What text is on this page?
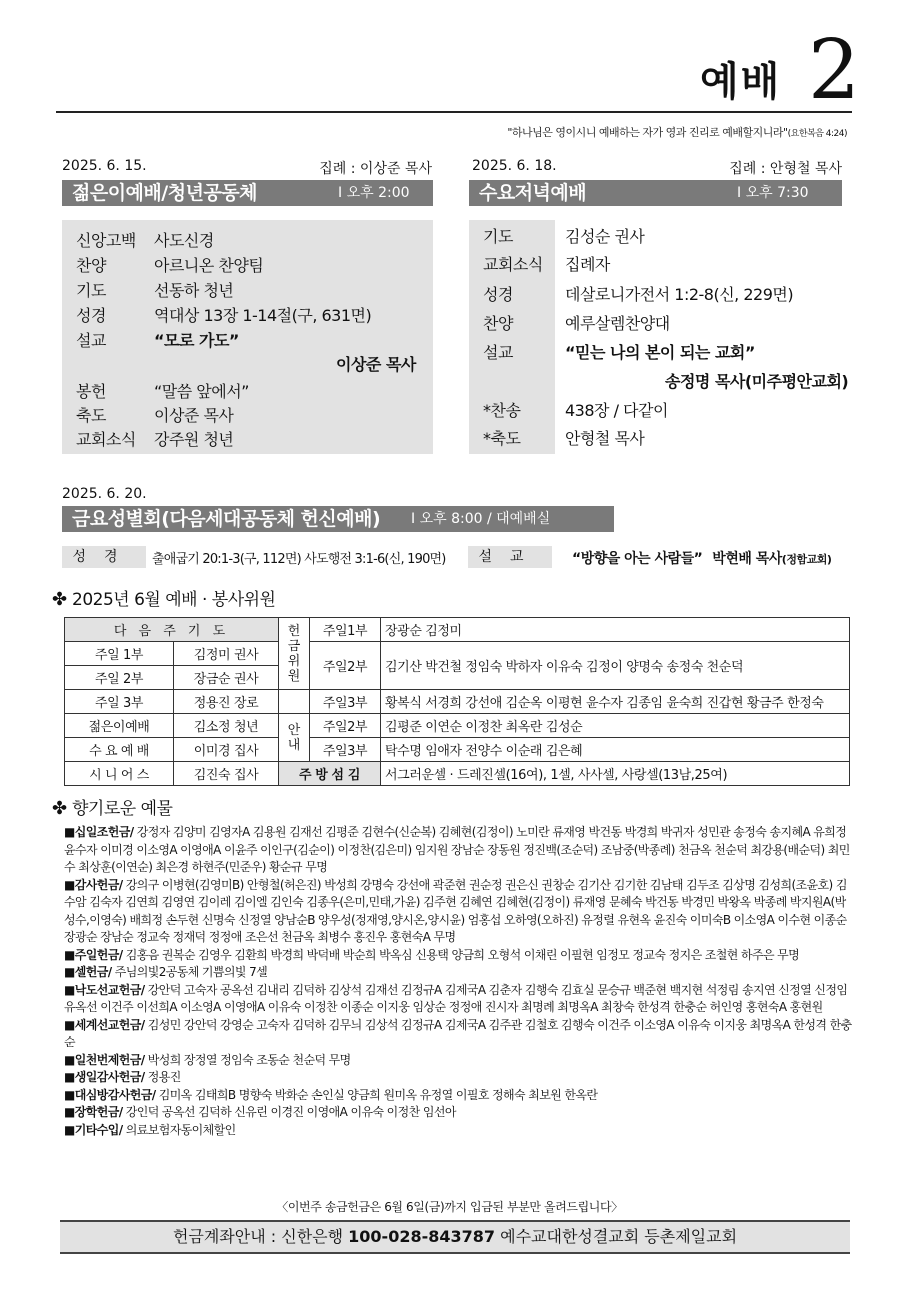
예배 2
"하나님은 영이시니 예배하는 자가 영과 진리로 예배할지니라"(요한복음 4:24)
2025. 6. 15.	집례 : 이상준 목사
젊은이예배/청년공동체	I 오후 2:00
신앙고백 사도신경
찬양	아르니온 찬양팀
기도	선동하 청년
성경	역대상 13장 1-14절(구, 631면)
설교	“모로 가도”
이상준 목사
봉헌	“말씀 앞에서”
축도	이상준 목사
교회소식 강주원 청년
2025. 6. 18.	집례 : 안형철 목사
수요저녁예배	I 오후 7:30
기도	김성순 권사
교회소식 집례자
성경	데살로니가전서 1:2-8(신, 229면)
찬양	예루살렘찬양대
설교	“믿는 나의 본이 되는 교회”
송정명 목사(미주평안교회)
*찬송	438장 / 다같이
*축도	안형철 목사
2025. 6. 20.
금요성별회(다음세대공동체 헌신예배) I 오후 8:00 / 대예배실
성경	출애굽기 20:1-3(구, 112면) 사도행전 3:1-6(신, 190면)	설교	“방향을 아는 사람들” 박현배 목사(정함교회)
✤ 2025년 6월 예배 · 봉사위원
다 음 주 기 도		헌금위원	주일1부	장광순 김정미
주일 1부	김정미 권사		주일2부	김기산 박건철 정임숙 박하자 이유숙 김정이 양명숙 송정숙 천순덕
주일 2부	장금순 권사			
주일 3부	정용진 장로		주일3부	황복식 서경희 강선애 김순옥 이평현 윤수자 김종임 윤숙희 진갑현 황금주 한정숙
젊은이예배	김소정 청년	안내	주일2부	김평준 이연순 이정찬 최옥란 김성순
수 요 예 배	이미경 집사		주일3부	탁수명 임애자 전양수 이순래 김은혜
시 니 어 스	김진숙 집사	주 방 섬 김		서그러운셀 · 드레진셀(16여), 1셀, 사사셀, 사랑셀(13남,25여)
✤ 향기로운 예물

■십일조헌금/ 강정자 김양미 김영자A 김용원 김재선 김평준 김현수(신순복) 김혜현(김정이) 노미란 류재영 박건동 박경희 박귀자 성민관 송정숙 송지혜A 유희정 윤수자 이미경 이소영A 이영애A 이윤주 이인구(김순이) 이정찬(김은미) 임지원 장남순 장동원 정진백(조순덕) 조남중(박종례) 천금옥 천순덕 최강용(배순덕) 최민수 최상훈(이연순) 최은경 하현주(민준우) 황순규 무명

■감사헌금/ 강의구 이병현(김영미B) 안형철(허은진) 박성희 강명숙 강선애 곽준현 권순정 권은신 권창순 김기산 김기한 김남태 김두조 김상명 김성희(조윤호) 김수암 김숙자 김연희 김영연 김이레 김이엘 김인숙 김종우(은미,민태,가윤) 김주현 김혜연 김혜현(김정이) 류재영 문혜숙 박건동 박경민 박왕옥 박종례 박지원A(박성수,이영숙) 배희정 손두현 신명숙 신정열 양남순B 양우성(정재영,양시온,양시윤) 엄홍섭 오하영(오하진) 유정렬 유현옥 윤진숙 이미숙B 이소영A 이수현 이종순 장광순 장남순 정교숙 정재덕 정정애 조은선 천금옥 최병수 홍진우 홍현숙A 무명

■주일헌금/ 김홍음 권복순 김영우 김환희 박경희 박덕배 박순희 박옥심 신용택 양금희 오형석 이채린 이필현 임정모 정교숙 정지은 조철현 하주은 무명

■셀헌금/ 주님의빛2공동체 기쁨의빛 7셀

■낙도선교헌금/ 강안덕 고숙자 공옥선 김내리 김덕하 김상석 김재선 김정규A 김제국A 김춘자 김행숙 김효실 문승규 백준현 백지현 석정림 송지연 신정열 신정임 유옥선 이건주 이선희A 이소영A 이영애A 이유숙 이정찬 이종순 이지웅 임상순 정정애 진시자 최명례 최명옥A 최창숙 한성격 한충순 허인영 홍현숙A 홍현원

■세계선교헌금/ 김성민 강안덕 강영순 고숙자 김덕하 김무늬 김상석 김정규A 김제국A 김주관 김철호 김행숙 이건주 이소영A 이유숙 이지웅 최명옥A 한성격 한충순

■일천번제헌금/ 박성희 장정열 정임숙 조동순 천순덕 무명

■생일감사헌금/ 정용진

■대심방감사헌금/ 김미옥 김태희B 명향숙 박화순 손인실 양금희 원미옥 유정열 이필호 정해숙 최보원 한옥란

■장학헌금/ 강인덕 공옥선 김덕하 신유린 이경진 이영애A 이유숙 이정찬 임선아

■기타수입/ 의료보험자동이체할인

〈이번주 송금헌금은 6월 6일(금)까지 입금된 부분만 올려드립니다〉
헌금계좌안내 : 신한은행 100-028-843787 예수교대한성결교회 등촌제일교회
